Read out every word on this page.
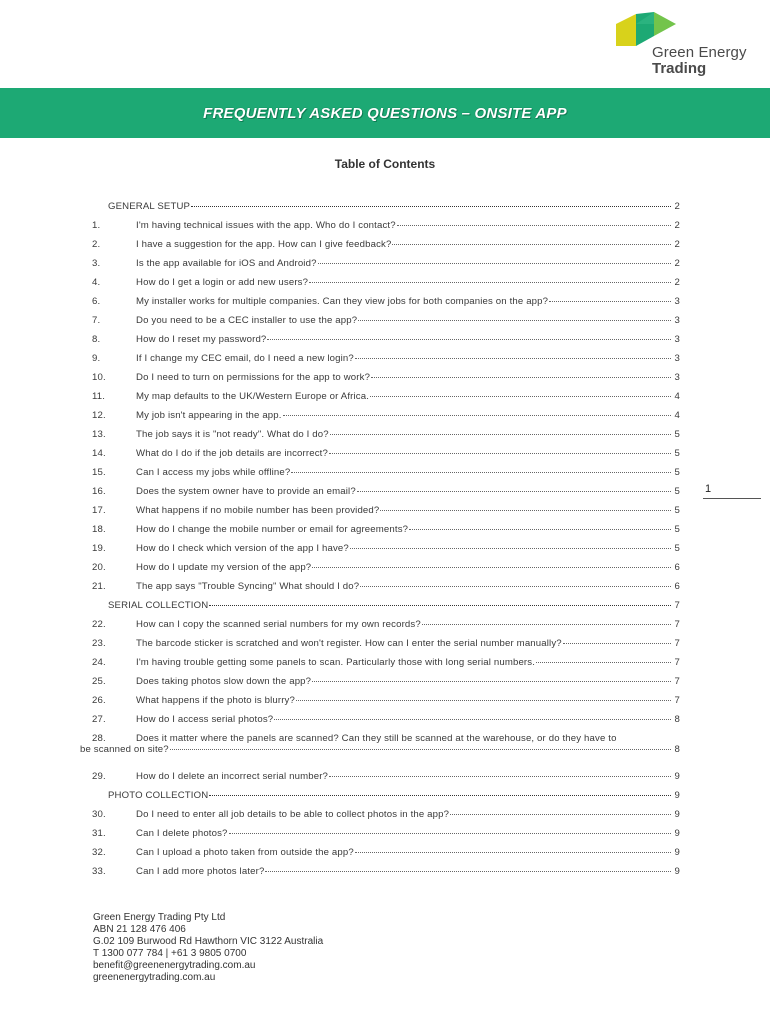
Green Energy
Trading
FREQUENTLY ASKED QUESTIONS – ONSITE APP
Table of Contents
GENERAL SETUP	2
1.	I'm having technical issues with the app. Who do I contact?	2
2.	I have a suggestion for the app. How can I give feedback?	2
3.	Is the app available for iOS and Android?	2
4.	How do I get a login or add new users?	2
6.	My installer works for multiple companies. Can they view jobs for both companies on the app?	3
7.	Do you need to be a CEC installer to use the app?	3
8.	How do I reset my password?	3
9.	If I change my CEC email, do I need a new login?	3
10.	Do I need to turn on permissions for the app to work?	3
11.	My map defaults to the UK/Western Europe or Africa.	4
12.	My job isn't appearing in the app.	4
13.	The job says it is "not ready". What do I do?	5
14.	What do I do if the job details are incorrect?	5
15.	Can I access my jobs while offline?	5
16.	Does the system owner have to provide an email?	5
17.	What happens if no mobile number has been provided?	5
18.	How do I change the mobile number or email for agreements?	5
19.	How do I check which version of the app I have?	5
20.	How do I update my version of the app?	6
21.	The app says "Trouble Syncing" What should I do?	6
SERIAL COLLECTION	7
22.	How can I copy the scanned serial numbers for my own records?	7
23.	The barcode sticker is scratched and won't register. How can I enter the serial number manually?	7
24.	I'm having trouble getting some panels to scan. Particularly those with long serial numbers.	7
25.	Does taking photos slow down the app?	7
26.	What happens if the photo is blurry?	7
27.	How do I access serial photos?	8
28.	Does it matter where the panels are scanned? Can they still be scanned at the warehouse, or do they have to
be scanned on site?	8
29.	How do I delete an incorrect serial number?	9
PHOTO COLLECTION	9
30.	Do I need to enter all job details to be able to collect photos in the app?	9
31.	Can I delete photos?	9
32.	Can I upload a photo taken from outside the app?	9
33.	Can I add more photos later?	9
1
Green Energy Trading Pty Ltd
ABN 21 128 476 406
G.02 109 Burwood Rd Hawthorn VIC 3122 Australia
T 1300 077 784 | +61 3 9805 0700
benefit@greenenergytrading.com.au
greenenergytrading.com.au
